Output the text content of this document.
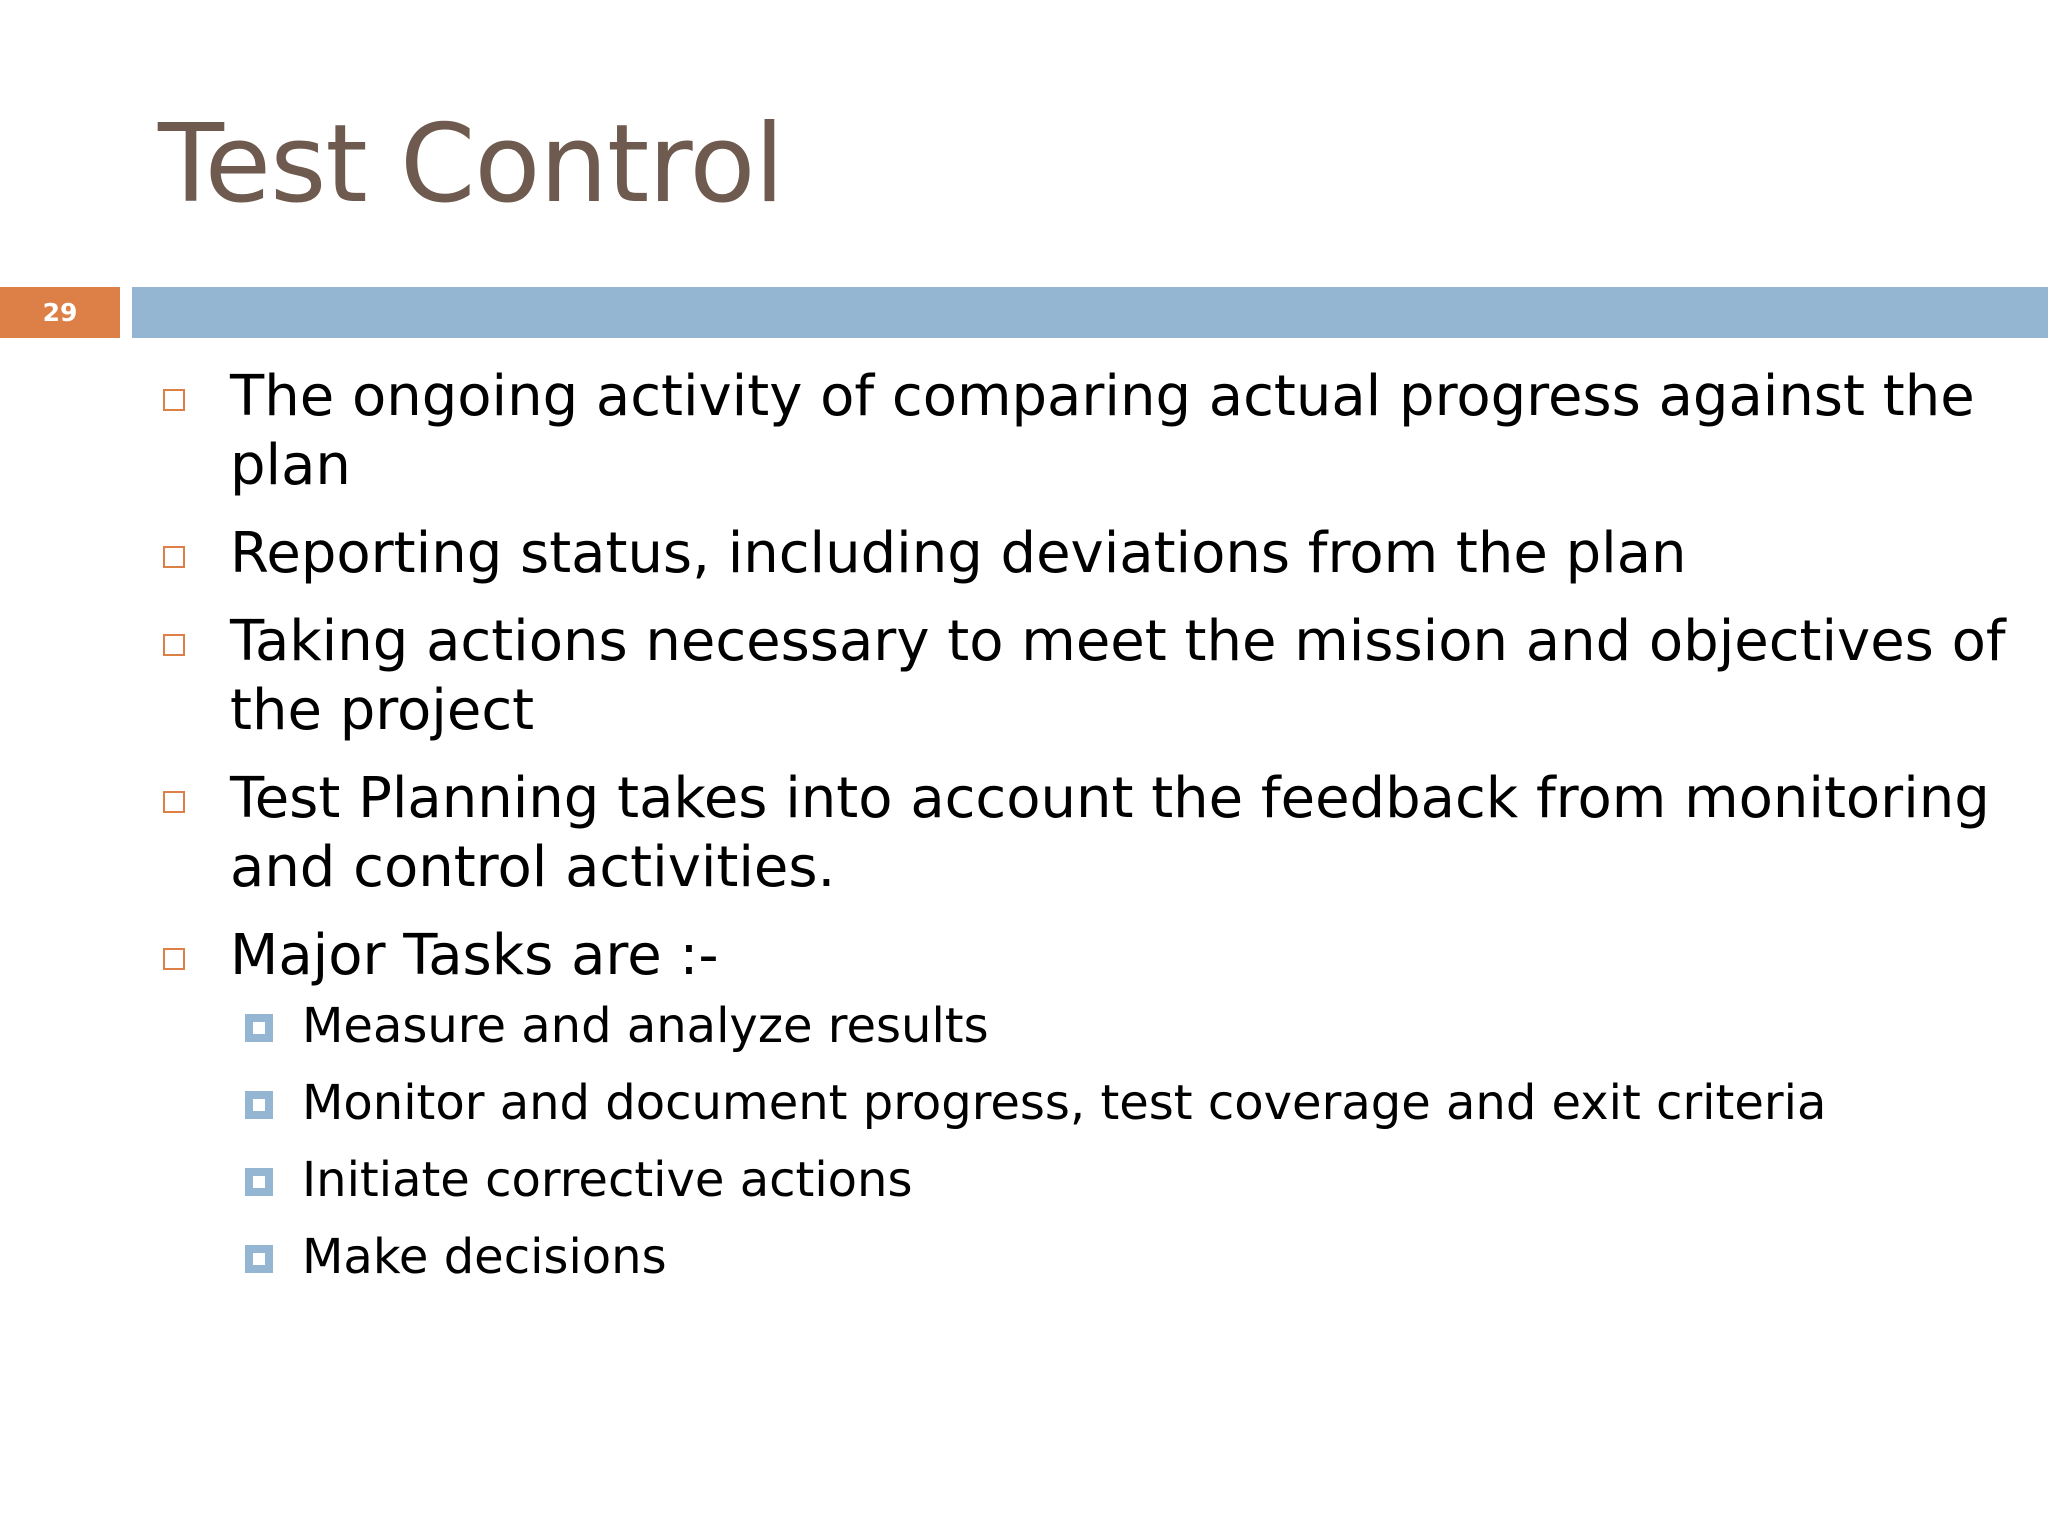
Test Control
29
The ongoing activity of comparing actual progress against the plan
Reporting status, including deviations from the plan
Taking actions necessary to meet the mission and objectives of the project
Test Planning takes into account the feedback from monitoring and control activities.
Major Tasks are :-
Measure and analyze results
Monitor and document progress, test coverage and exit criteria
Initiate corrective actions
Make decisions
